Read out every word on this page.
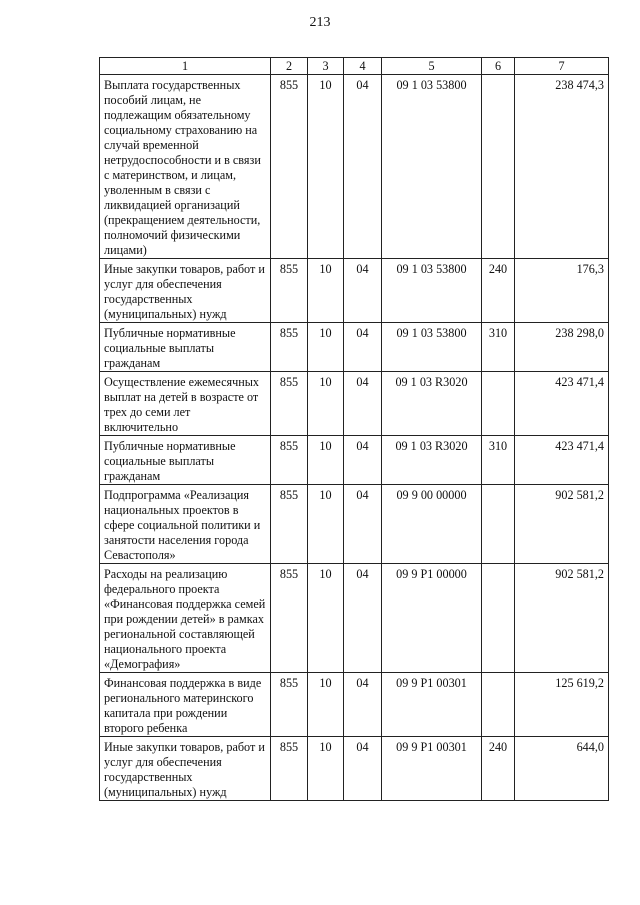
213
1	2	3	4	5	6	7
Выплата государственных пособий лицам, не подлежащим обязательному социальному страхованию на случай временной нетрудоспособности и в связи с материнством, и лицам, уволенным в связи с ликвидацией организаций (прекращением деятельности, полномочий физическими лицами)	855	10	04	09 1 03 53800		238 474,3
Иные закупки товаров, работ и услуг для обеспечения государственных (муниципальных) нужд	855	10	04	09 1 03 53800	240	176,3
Публичные нормативные социальные выплаты гражданам	855	10	04	09 1 03 53800	310	238 298,0
Осуществление ежемесячных выплат на детей в возрасте от трех до семи лет включительно	855	10	04	09 1 03 R3020		423 471,4
Публичные нормативные социальные выплаты гражданам	855	10	04	09 1 03 R3020	310	423 471,4
Подпрограмма «Реализация национальных проектов в сфере социальной политики и занятости населения города Севастополя»	855	10	04	09 9 00 00000		902 581,2
Расходы на реализацию федерального проекта «Финансовая поддержка семей при рождении детей» в рамках региональной составляющей национального проекта «Демография»	855	10	04	09 9 P1 00000		902 581,2
Финансовая поддержка в виде регионального материнского капитала при рождении второго ребенка	855	10	04	09 9 P1 00301		125 619,2
Иные закупки товаров, работ и услуг для обеспечения государственных (муниципальных) нужд	855	10	04	09 9 P1 00301	240	644,0
